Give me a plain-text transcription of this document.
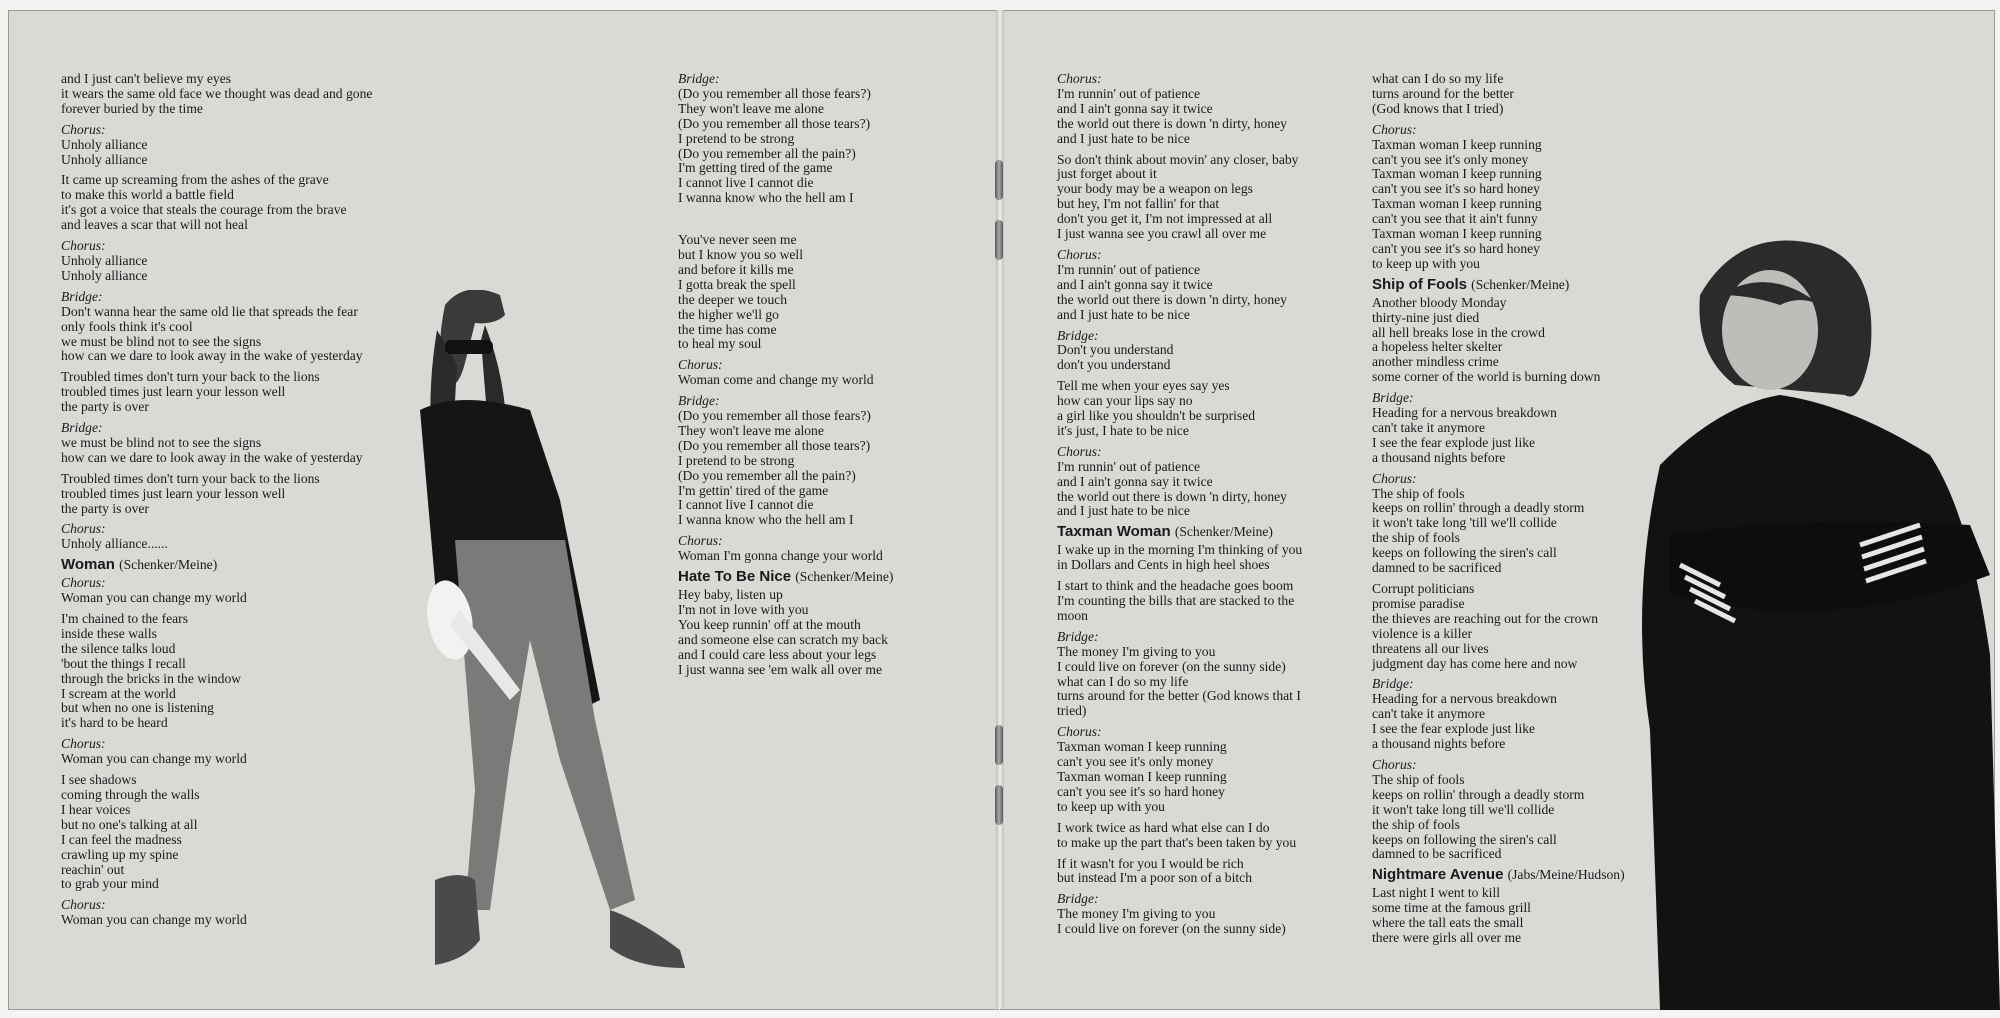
and I just can't believe my eyes
it wears the same old face we thought was dead and gone
forever buried by the time
Chorus:
Unholy alliance
Unholy alliance
It came up screaming from the ashes of the grave
to make this world a battle field
it's got a voice that steals the courage from the brave
and leaves a scar that will not heal
Chorus:
Unholy alliance
Unholy alliance
Bridge:
Don't wanna hear the same old lie that spreads the fear
only fools think it's cool
we must be blind not to see the signs
how can we dare to look away in the wake of yesterday
Troubled times don't turn your back to the lions
troubled times just learn your lesson well
the party is over
Bridge:
we must be blind not to see the signs
how can we dare to look away in the wake of yesterday
Troubled times don't turn your back to the lions
troubled times just learn your lesson well
the party is over
Chorus:
Unholy alliance......
Woman (Schenker/Meine)
Chorus:
Woman you can change my world
I'm chained to the fears
inside these walls
the silence talks loud
'bout the things I recall
through the bricks in the window
I scream at the world
but when no one is listening
it's hard to be heard
Chorus:
Woman you can change my world
I see shadows
coming through the walls
I hear voices
but no one's talking at all
I can feel the madness
crawling up my spine
reachin' out
to grab your mind
Chorus:
Woman you can change my world
Bridge:
(Do you remember all those fears?)
They won't leave me alone
(Do you remember all those tears?)
I pretend to be strong
(Do you remember all the pain?)
I'm getting tired of the game
I cannot live I cannot die
I wanna know who the hell am I

You've never seen me
but I know you so well
and before it kills me
I gotta break the spell
the deeper we touch
the higher we'll go
the time has come
to heal my soul
Chorus:
Woman come and change my world
Bridge:
(Do you remember all those fears?)
They won't leave me alone
(Do you remember all those tears?)
I pretend to be strong
(Do you remember all the pain?)
I'm gettin' tired of the game
I cannot live I cannot die
I wanna know who the hell am I
Chorus:
Woman I'm gonna change your world
Hate To Be Nice (Schenker/Meine)
Hey baby, listen up
I'm not in love with you
You keep runnin' off at the mouth
and someone else can scratch my back
and I could care less about your legs
I just wanna see 'em walk all over me
Chorus:
I'm runnin' out of patience
and I ain't gonna say it twice
the world out there is down 'n dirty, honey
and I just hate to be nice
So don't think about movin' any closer, baby
just forget about it
your body may be a weapon on legs
but hey, I'm not fallin' for that
don't you get it, I'm not impressed at all
I just wanna see you crawl all over me
Chorus:
I'm runnin' out of patience
and I ain't gonna say it twice
the world out there is down 'n dirty, honey
and I just hate to be nice
Bridge:
Don't you understand
don't you understand
Tell me when your eyes say yes
how can your lips say no
a girl like you shouldn't be surprised
it's just, I hate to be nice
Chorus:
I'm runnin' out of patience
and I ain't gonna say it twice
the world out there is down 'n dirty, honey
and I just hate to be nice
Taxman Woman (Schenker/Meine)
I wake up in the morning I'm thinking of you
in Dollars and Cents in high heel shoes
I start to think and the headache goes boom
I'm counting the bills that are stacked to the
moon
Bridge:
The money I'm giving to you
I could live on forever (on the sunny side)
what can I do so my life
turns around for the better (God knows that I
tried)
Chorus:
Taxman woman I keep running
can't you see it's only money
Taxman woman I keep running
can't you see it's so hard honey
to keep up with you
I work twice as hard what else can I do
to make up the part that's been taken by you
If it wasn't for you I would be rich
but instead I'm a poor son of a bitch
Bridge:
The money I'm giving to you
I could live on forever (on the sunny side)
what can I do so my life
turns around for the better
(God knows that I tried)
Chorus:
Taxman woman I keep running
can't you see it's only money
Taxman woman I keep running
can't you see it's so hard honey
Taxman woman I keep running
can't you see that it ain't funny
Taxman woman I keep running
can't you see it's so hard honey
to keep up with you
Ship of Fools (Schenker/Meine)
Another bloody Monday
thirty-nine just died
all hell breaks lose in the crowd
a hopeless helter skelter
another mindless crime
some corner of the world is burning down
Bridge:
Heading for a nervous breakdown
can't take it anymore
I see the fear explode just like
a thousand nights before
Chorus:
The ship of fools
keeps on rollin' through a deadly storm
it won't take long 'till we'll collide
the ship of fools
keeps on following the siren's call
damned to be sacrificed
Corrupt politicians
promise paradise
the thieves are reaching out for the crown
violence is a killer
threatens all our lives
judgment day has come here and now
Bridge:
Heading for a nervous breakdown
can't take it anymore
I see the fear explode just like
a thousand nights before
Chorus:
The ship of fools
keeps on rollin' through a deadly storm
it won't take long till we'll collide
the ship of fools
keeps on following the siren's call
damned to be sacrificed
Nightmare Avenue (Jabs/Meine/Hudson)
Last night I went to kill
some time at the famous grill
where the tall eats the small
there were girls all over me
